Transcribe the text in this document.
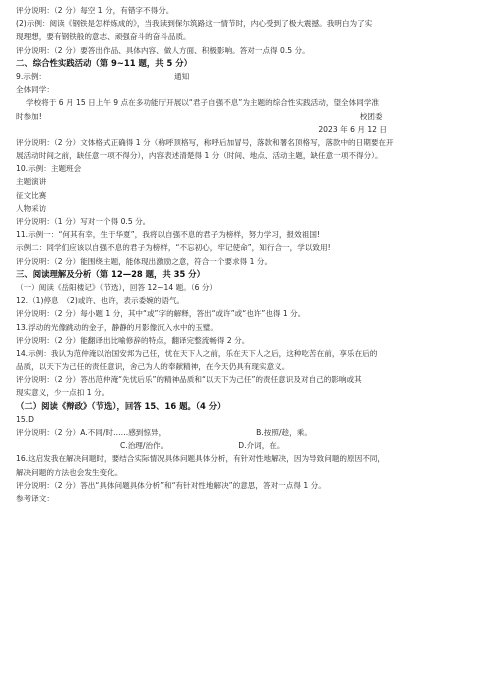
评分说明：（2 分）每空 1 分，有错字不得分。
(2)示例：阅读《钢铁是怎样炼成的》，当我读到保尔筑路这一情节时，内心受到了极大震撼。我明白为了实
现理想，要有钢铁般的意志、顽强奋斗的奋斗品质。
评分说明：（2 分）要答出作品、具体内容、做人方面、积极影响。答对一点得 0.5 分。
二、综合性实践活动（第 9~11 题，共 5 分）
9.示例：	通知
全体同学：
学校将于 6 月 15 日上午 9 点在多功能厅开展以“君子自强不息”为主题的综合性实践活动，望全体同学准
时参加!	校团委
2023 年 6 月 12 日
评分说明：（2 分）文体格式正确得 1 分（称呼顶格写，称呼后加冒号，落款和署名顶格写，落款中的日期要在开
展活动时间之前，缺任意一项不得分），内容表述清楚得 1 分（时间、地点、活动主题，缺任意一项不得分）。
10.示例：主题班会
主题演讲
征文比赛
人物采访
评分说明：（1 分）写对一个得 0.5 分。
11.示例一：“何其有幸，生于华夏”，我将以自强不息的君子为榜样，努力学习，报效祖国!
示例二：同学们应该以自强不息的君子为榜样，“不忘初心，牢记使命”，知行合一，学以致用!
评分说明：（2 分）能围绕主题，能体现出激励之意，符合一个要求得 1 分。
三、阅读理解及分析（第 12—28 题，共 35 分）
（一）阅读《岳阳楼记》（节选），回答 12~14 题。（6 分）
12.（1)停息　（2)或许、也许，表示委婉的语气。
评分说明：（2 分）每小题 1 分，其中“或”字的解释，答出“或许”或“也许”也得 1 分。
13.浮动的光像跳动的金子，静静的月影像沉入水中的玉璧。
评分说明：（2 分）能翻译出比喻修辞的特点，翻译完整流畅得 2 分。
14.示例：我认为范仲淹以治国安邦为己任，忧在天下人之前，乐在天下人之后，这种吃苦在前，享乐在后的
品质，以天下为己任的责任意识，舍己为人的奉献精神，在今天仍具有现实意义。
评分说明：（2 分）答出范仲淹“先忧后乐”的精神品质和“以天下为己任”的责任意识及对自己的影响或其
现实意义，少一点扣 1 分。
（二）阅读《辩政》（节选），回答 15、16 题。（4 分）
15.D
评分说明：（2 分）A.不同/时……感到惊异，	B.按照/趁，乘。
C.治理/治作。	D.介词，在。
16.这启发我在解决问题时，要结合实际情况具体问题具体分析，有针对性地解决，因为导致问题的原因不同，
解决问题的方法也会发生变化。
评分说明：（2 分）答出“具体问题具体分析”和“有针对性地解决”的意思，答对一点得 1 分。
参考译文：
